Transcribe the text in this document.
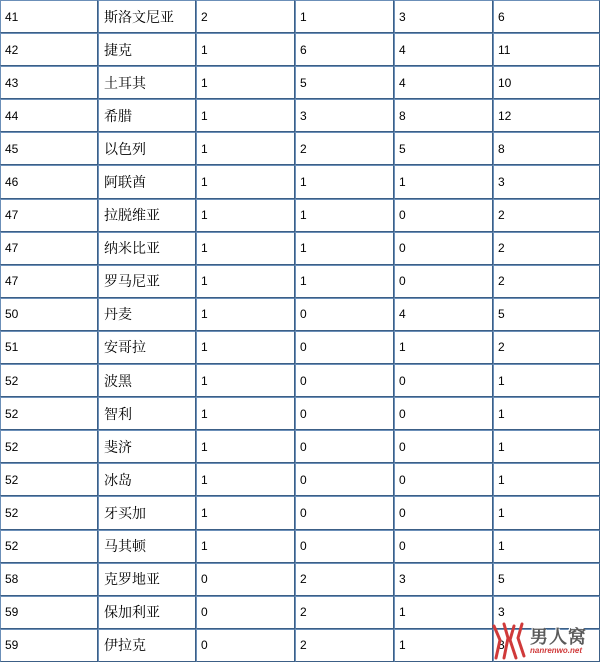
41	斯洛文尼亚	2	1	3	6
42	捷克	1	6	4	11
43	土耳其	1	5	4	10
44	希腊	1	3	8	12
45	以色列	1	2	5	8
46	阿联酋	1	1	1	3
47	拉脱维亚	1	1	0	2
47	纳米比亚	1	1	0	2
47	罗马尼亚	1	1	0	2
50	丹麦	1	0	4	5
51	安哥拉	1	0	1	2
52	波黑	1	0	0	1
52	智利	1	0	0	1
52	斐济	1	0	0	1
52	冰岛	1	0	0	1
52	牙买加	1	0	0	1
52	马其顿	1	0	0	1
58	克罗地亚	0	2	3	5
59	保加利亚	0	2	1	3
59	伊拉克	0	2	1	3 男人窝
nanrenwo.net
